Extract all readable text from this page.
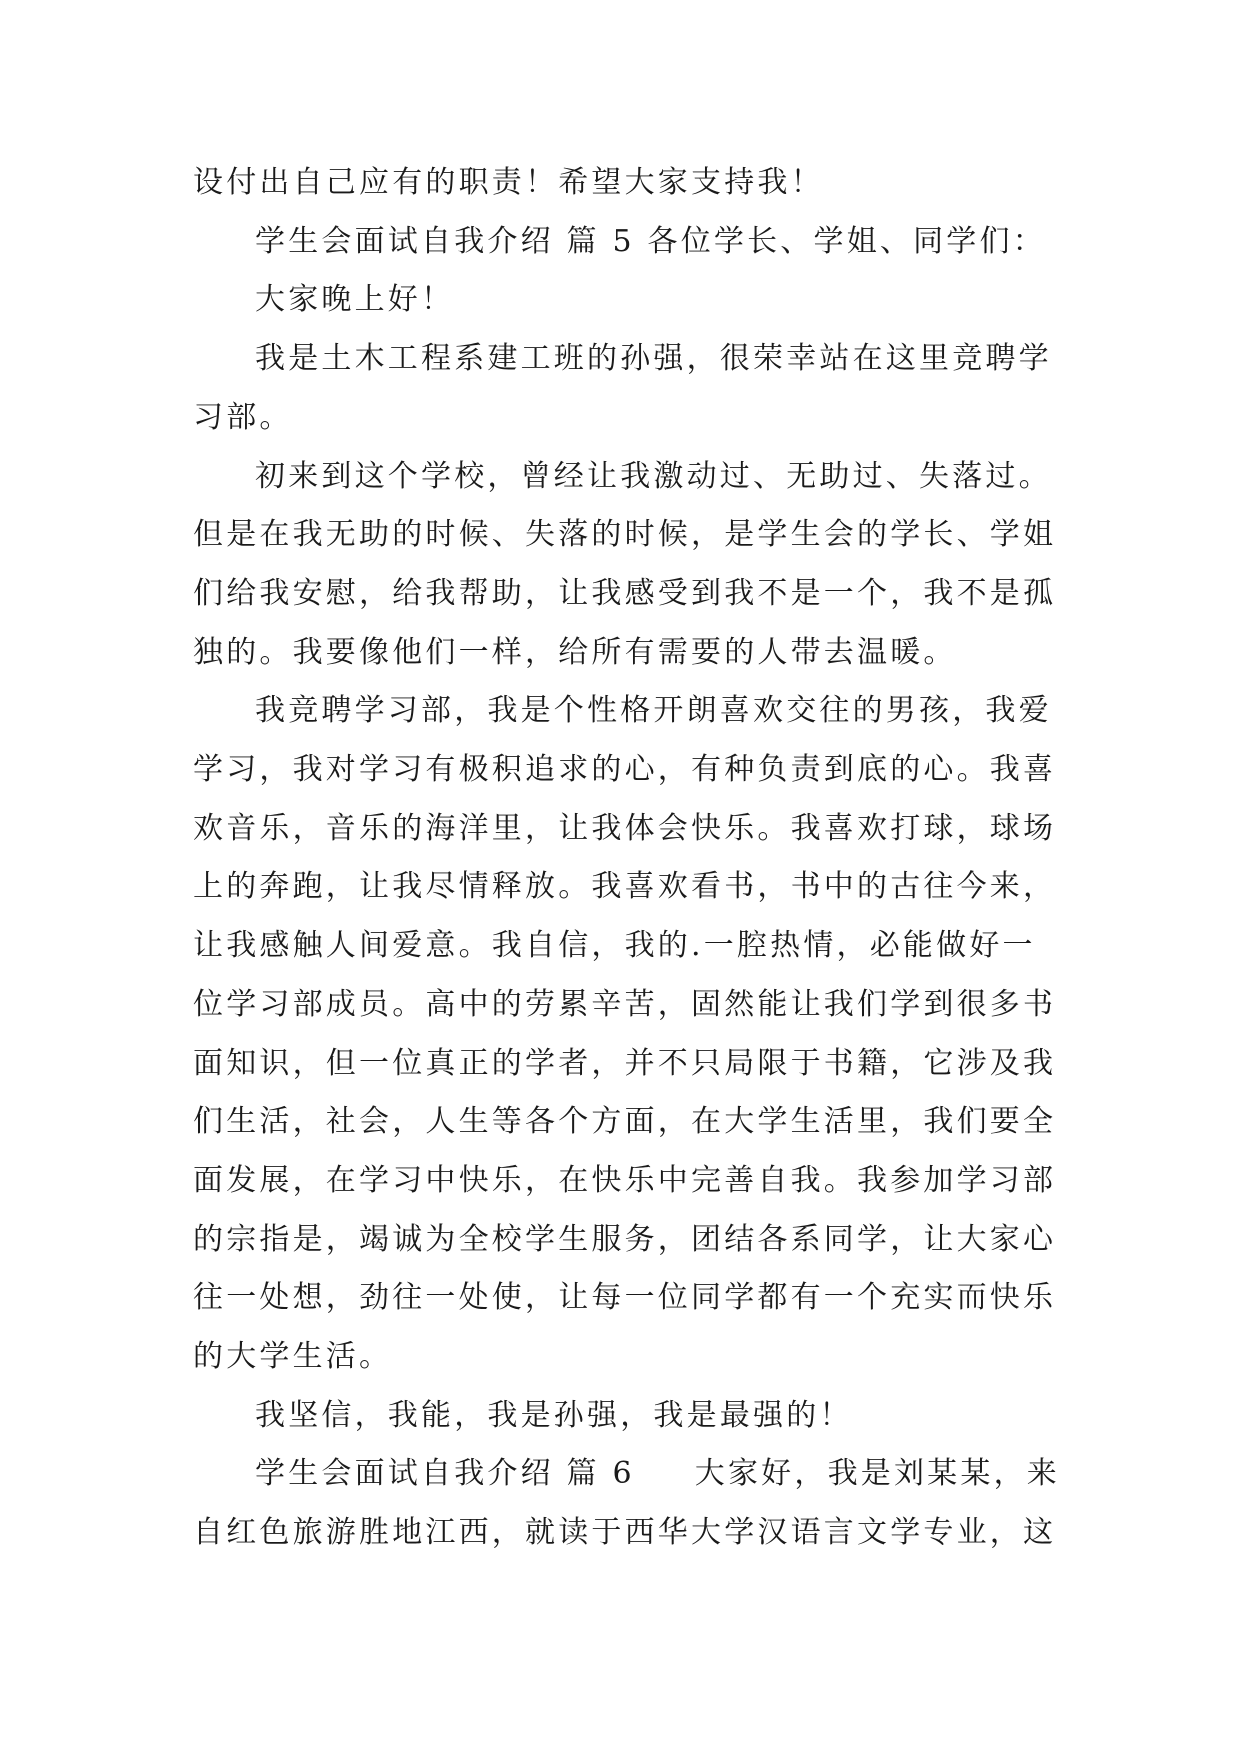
设付出自己应有的职责！希望大家支持我！

学生会面试自我介绍 篇 5 各位学长、学姐、同学们：

大家晚上好！

我是土木工程系建工班的孙强，很荣幸站在这里竞聘学
习部。

初来到这个学校，曾经让我激动过、无助过、失落过。
但是在我无助的时候、失落的时候，是学生会的学长、学姐
们给我安慰，给我帮助，让我感受到我不是一个，我不是孤
独的。我要像他们一样，给所有需要的人带去温暖。

我竞聘学习部，我是个性格开朗喜欢交往的男孩，我爱
学习，我对学习有极积追求的心，有种负责到底的心。我喜
欢音乐，音乐的海洋里，让我体会快乐。我喜欢打球，球场
上的奔跑，让我尽情释放。我喜欢看书，书中的古往今来，
让我感触人间爱意。我自信，我的.一腔热情，必能做好一
位学习部成员。高中的劳累辛苦，固然能让我们学到很多书
面知识，但一位真正的学者，并不只局限于书籍，它涉及我
们生活，社会，人生等各个方面，在大学生活里，我们要全
面发展，在学习中快乐，在快乐中完善自我。我参加学习部
的宗指是，竭诚为全校学生服务，团结各系同学，让大家心
往一处想，劲往一处使，让每一位同学都有一个充实而快乐
的大学生活。

我坚信，我能，我是孙强，我是最强的！

学生会面试自我介绍 篇 6 大家好，我是刘某某，来
自红色旅游胜地江西，就读于西华大学汉语言文学专业，这
